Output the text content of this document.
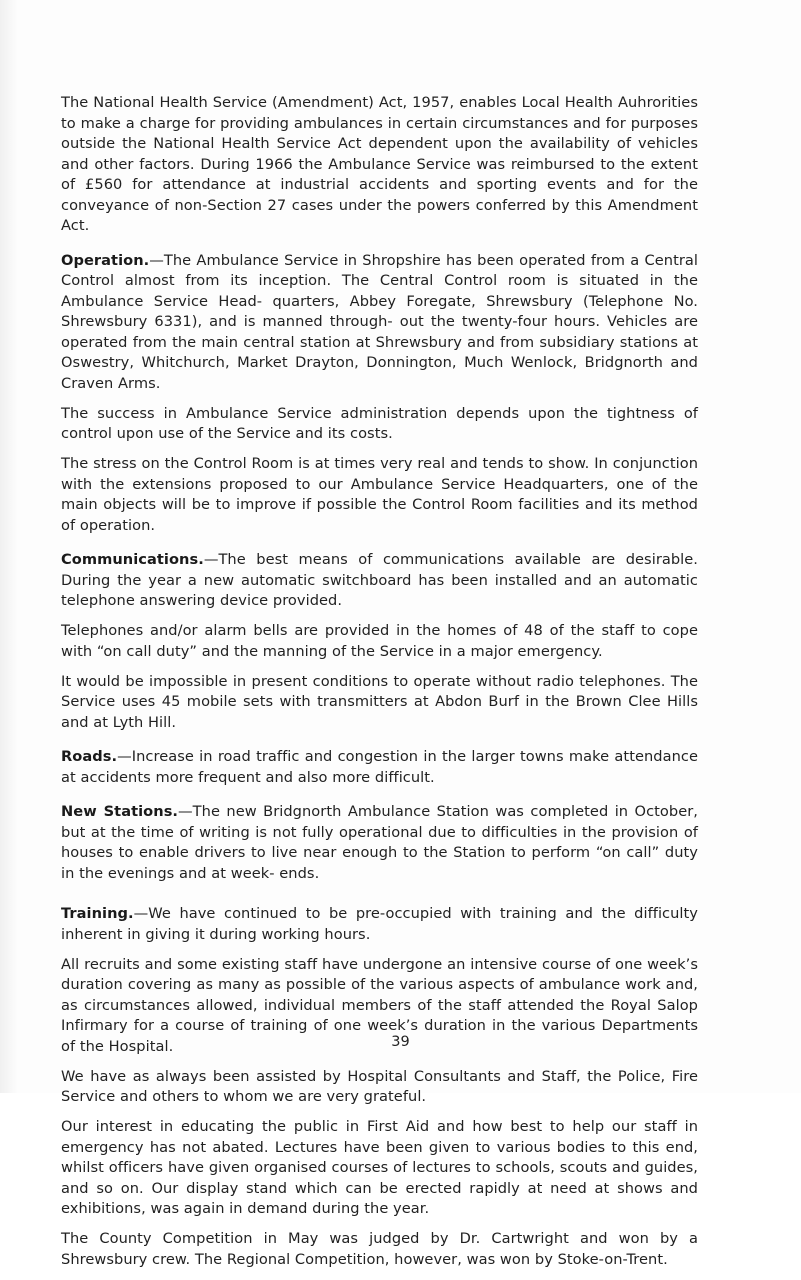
The National Health Service (Amendment) Act, 1957, enables Local Health Auhrorities to make a charge for providing ambulances in certain circumstances and for purposes outside the National Health Service Act dependent upon the availability of vehicles and other factors. During 1966 the Ambulance Service was reimbursed to the extent of £560 for attendance at industrial accidents and sporting events and for the conveyance of non-Section 27 cases under the powers conferred by this Amendment Act.

Operation.—The Ambulance Service in Shropshire has been operated from a Central Control almost from its inception. The Central Control room is situated in the Ambulance Service Head- quarters, Abbey Foregate, Shrewsbury (Telephone No. Shrewsbury 6331), and is manned through- out the twenty-four hours. Vehicles are operated from the main central station at Shrewsbury and from subsidiary stations at Oswestry, Whitchurch, Market Drayton, Donnington, Much Wenlock, Bridgnorth and Craven Arms.

The success in Ambulance Service administration depends upon the tightness of control upon use of the Service and its costs.

The stress on the Control Room is at times very real and tends to show. In conjunction with the extensions proposed to our Ambulance Service Headquarters, one of the main objects will be to improve if possible the Control Room facilities and its method of operation.

Communications.—The best means of communications available are desirable. During the year a new automatic switchboard has been installed and an automatic telephone answering device provided.

Telephones and/or alarm bells are provided in the homes of 48 of the staff to cope with “on call duty” and the manning of the Service in a major emergency.

It would be impossible in present conditions to operate without radio telephones. The Service uses 45 mobile sets with transmitters at Abdon Burf in the Brown Clee Hills and at Lyth Hill.

Roads.—Increase in road traffic and congestion in the larger towns make attendance at accidents more frequent and also more difficult.

New Stations.—The new Bridgnorth Ambulance Station was completed in October, but at the time of writing is not fully operational due to difficulties in the provision of houses to enable drivers to live near enough to the Station to perform “on call” duty in the evenings and at week- ends.

Training.—We have continued to be pre-occupied with training and the difficulty inherent in giving it during working hours.

All recruits and some existing staff have undergone an intensive course of one week’s duration covering as many as possible of the various aspects of ambulance work and, as circumstances allowed, individual members of the staff attended the Royal Salop Infirmary for a course of training of one week’s duration in the various Departments of the Hospital.

We have as always been assisted by Hospital Consultants and Staff, the Police, Fire Service and others to whom we are very grateful.

Our interest in educating the public in First Aid and how best to help our staff in emergency has not abated. Lectures have been given to various bodies to this end, whilst officers have given organised courses of lectures to schools, scouts and guides, and so on. Our display stand which can be erected rapidly at need at shows and exhibitions, was again in demand during the year.

The County Competition in May was judged by Dr. Cartwright and won by a Shrewsbury crew. The Regional Competition, however, was won by Stoke-on-Trent.

39
